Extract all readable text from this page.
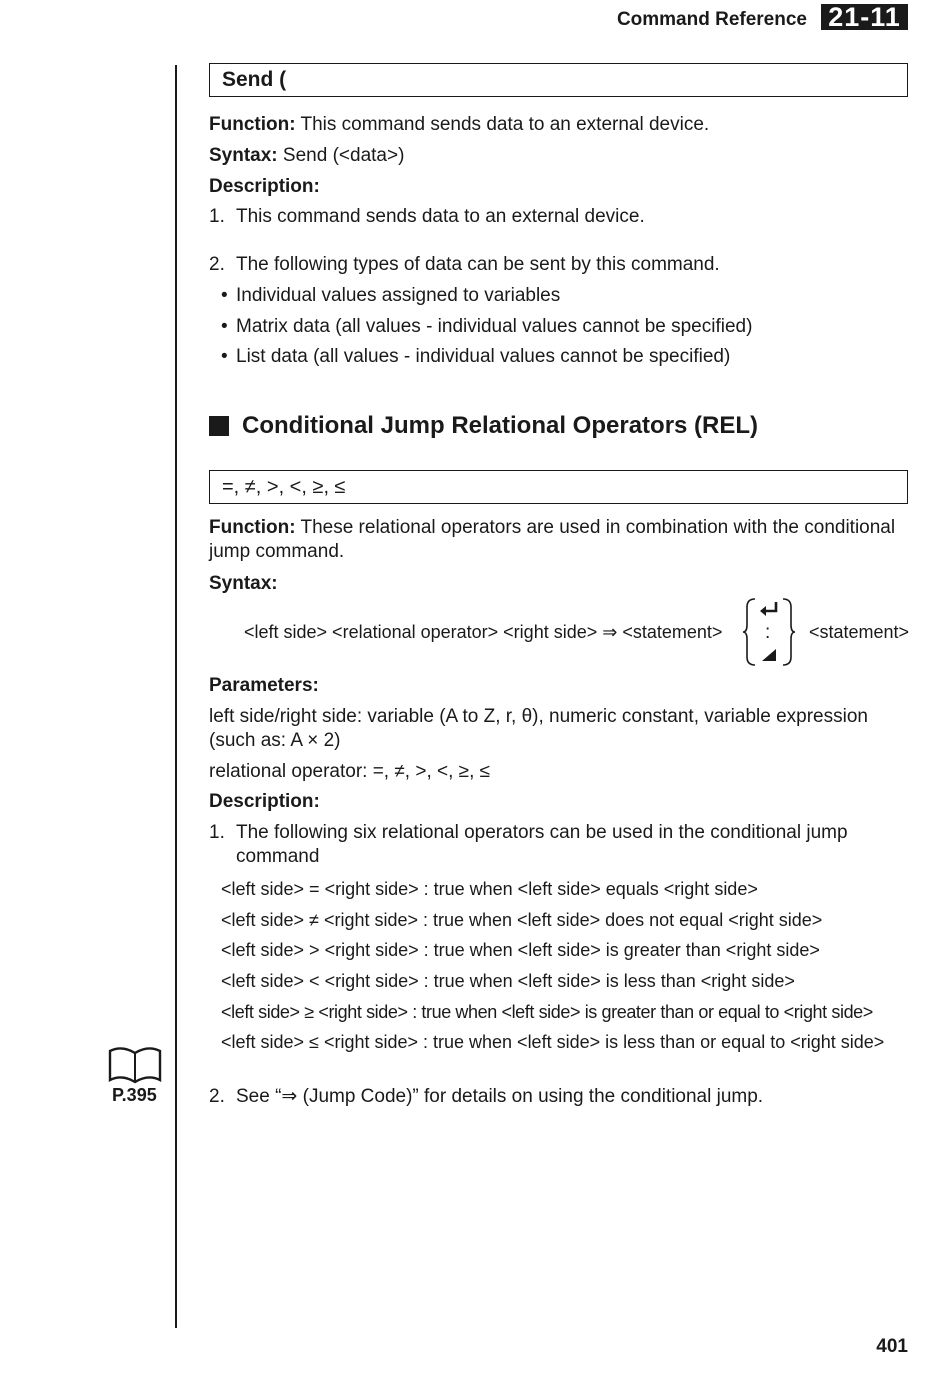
Command Reference 21-11
Send (
Function: This command sends data to an external device.
Syntax: Send (<data>)
Description:
1. This command sends data to an external device.
2. The following types of data can be sent by this command.
• Individual values assigned to variables
• Matrix data (all values - individual values cannot be specified)
• List data (all values - individual values cannot be specified)
Conditional Jump Relational Operators (REL)
=, ≠, >, <, ≥, ≤
Function: These relational operators are used in combination with the conditional
jump command.
Syntax:
<left side> <relational operator> <right side> ⇒ <statement> : <statement>
Parameters:
left side/right side: variable (A to Z, r, θ), numeric constant, variable expression
(such as: A × 2)
relational operator: =, ≠, >, <, ≥, ≤
Description:
1. The following six relational operators can be used in the conditional jump
command
<left side> = <right side> : true when <left side> equals <right side>
<left side> ≠ <right side> : true when <left side> does not equal <right side>
<left side> > <right side> : true when <left side> is greater than <right side>
<left side> < <right side> : true when <left side> is less than <right side>
<left side> ≥ <right side> : true when <left side> is greater than or equal to <right side>
<left side> ≤ <right side> : true when <left side> is less than or equal to <right side>
P.395	2. See “⇒ (Jump Code)” for details on using the conditional jump.
401
